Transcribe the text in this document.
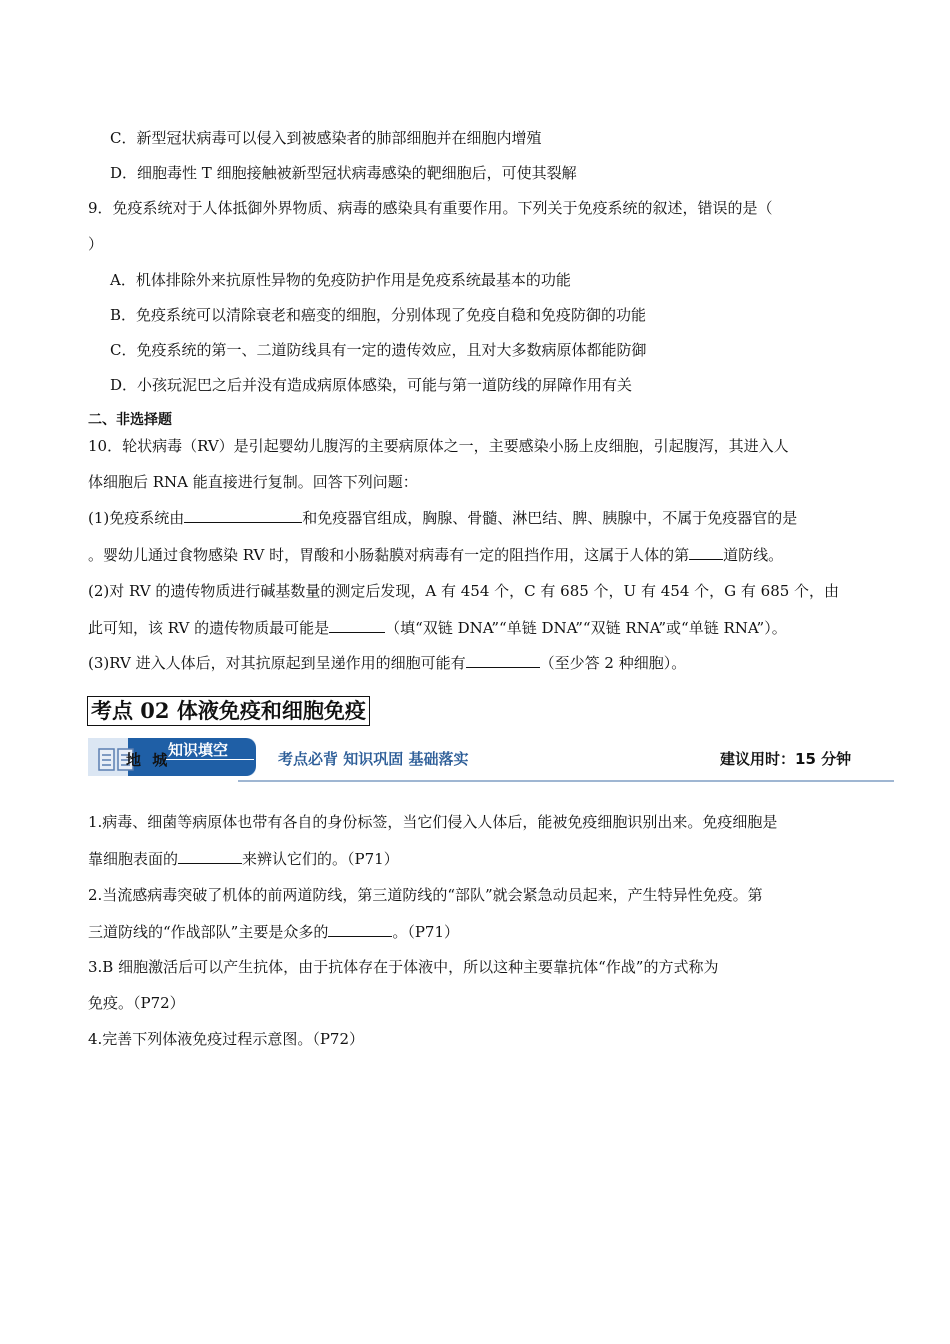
C．新型冠状病毒可以侵入到被感染者的肺部细胞并在细胞内增殖
D．细胞毒性 T 细胞接触被新型冠状病毒感染的靶细胞后，可使其裂解
9．免疫系统对于人体抵御外界物质、病毒的感染具有重要作用。下列关于免疫系统的叙述，错误的是（
）
A．机体排除外来抗原性异物的免疫防护作用是免疫系统最基本的功能
B．免疫系统可以清除衰老和癌变的细胞，分别体现了免疫自稳和免疫防御的功能
C．免疫系统的第一、二道防线具有一定的遗传效应，且对大多数病原体都能防御
D．小孩玩泥巴之后并没有造成病原体感染，可能与第一道防线的屏障作用有关
二、非选择题
10．轮状病毒（RV）是引起婴幼儿腹泻的主要病原体之一，主要感染小肠上皮细胞，引起腹泻，其进入人
体细胞后 RNA 能直接进行复制。回答下列问题：
(1)免疫系统由	和免疫器官组成，胸腺、骨髓、淋巴结、脾、胰腺中，不属于免疫器官的是
。婴幼儿通过食物感染 RV 时，胃酸和小肠黏膜对病毒有一定的阻挡作用，这属于人体的第 道防线。
(2)对 RV 的遗传物质进行碱基数量的测定后发现，A 有 454 个，C 有 685 个，U 有 454 个，G 有 685 个，由
此可知，该 RV 的遗传物质最可能是	（填“双链 DNA”“单链 DNA”“双链 RNA”或“单链 RNA”）。
(3)RV 进入人体后，对其抗原起到呈递作用的细胞可能有	（至少答 2 种细胞）。
考点 02 体液免疫和细胞免疫
知识填空
地 城	考点必背 知识巩固 基础落实	建议用时：15 分钟
1.病毒、细菌等病原体也带有各自的身份标签，当它们侵入人体后，能被免疫细胞识别出来。免疫细胞是
靠细胞表面的	来辨认它们的。（P71）
2.当流感病毒突破了机体的前两道防线，第三道防线的“部队”就会紧急动员起来，产生特异性免疫。第
三道防线的“作战部队”主要是众多的	。（P71）
3.B 细胞激活后可以产生抗体，由于抗体存在于体液中，所以这种主要靠抗体“作战”的方式称为
免疫。（P72）
4.完善下列体液免疫过程示意图。（P72）
